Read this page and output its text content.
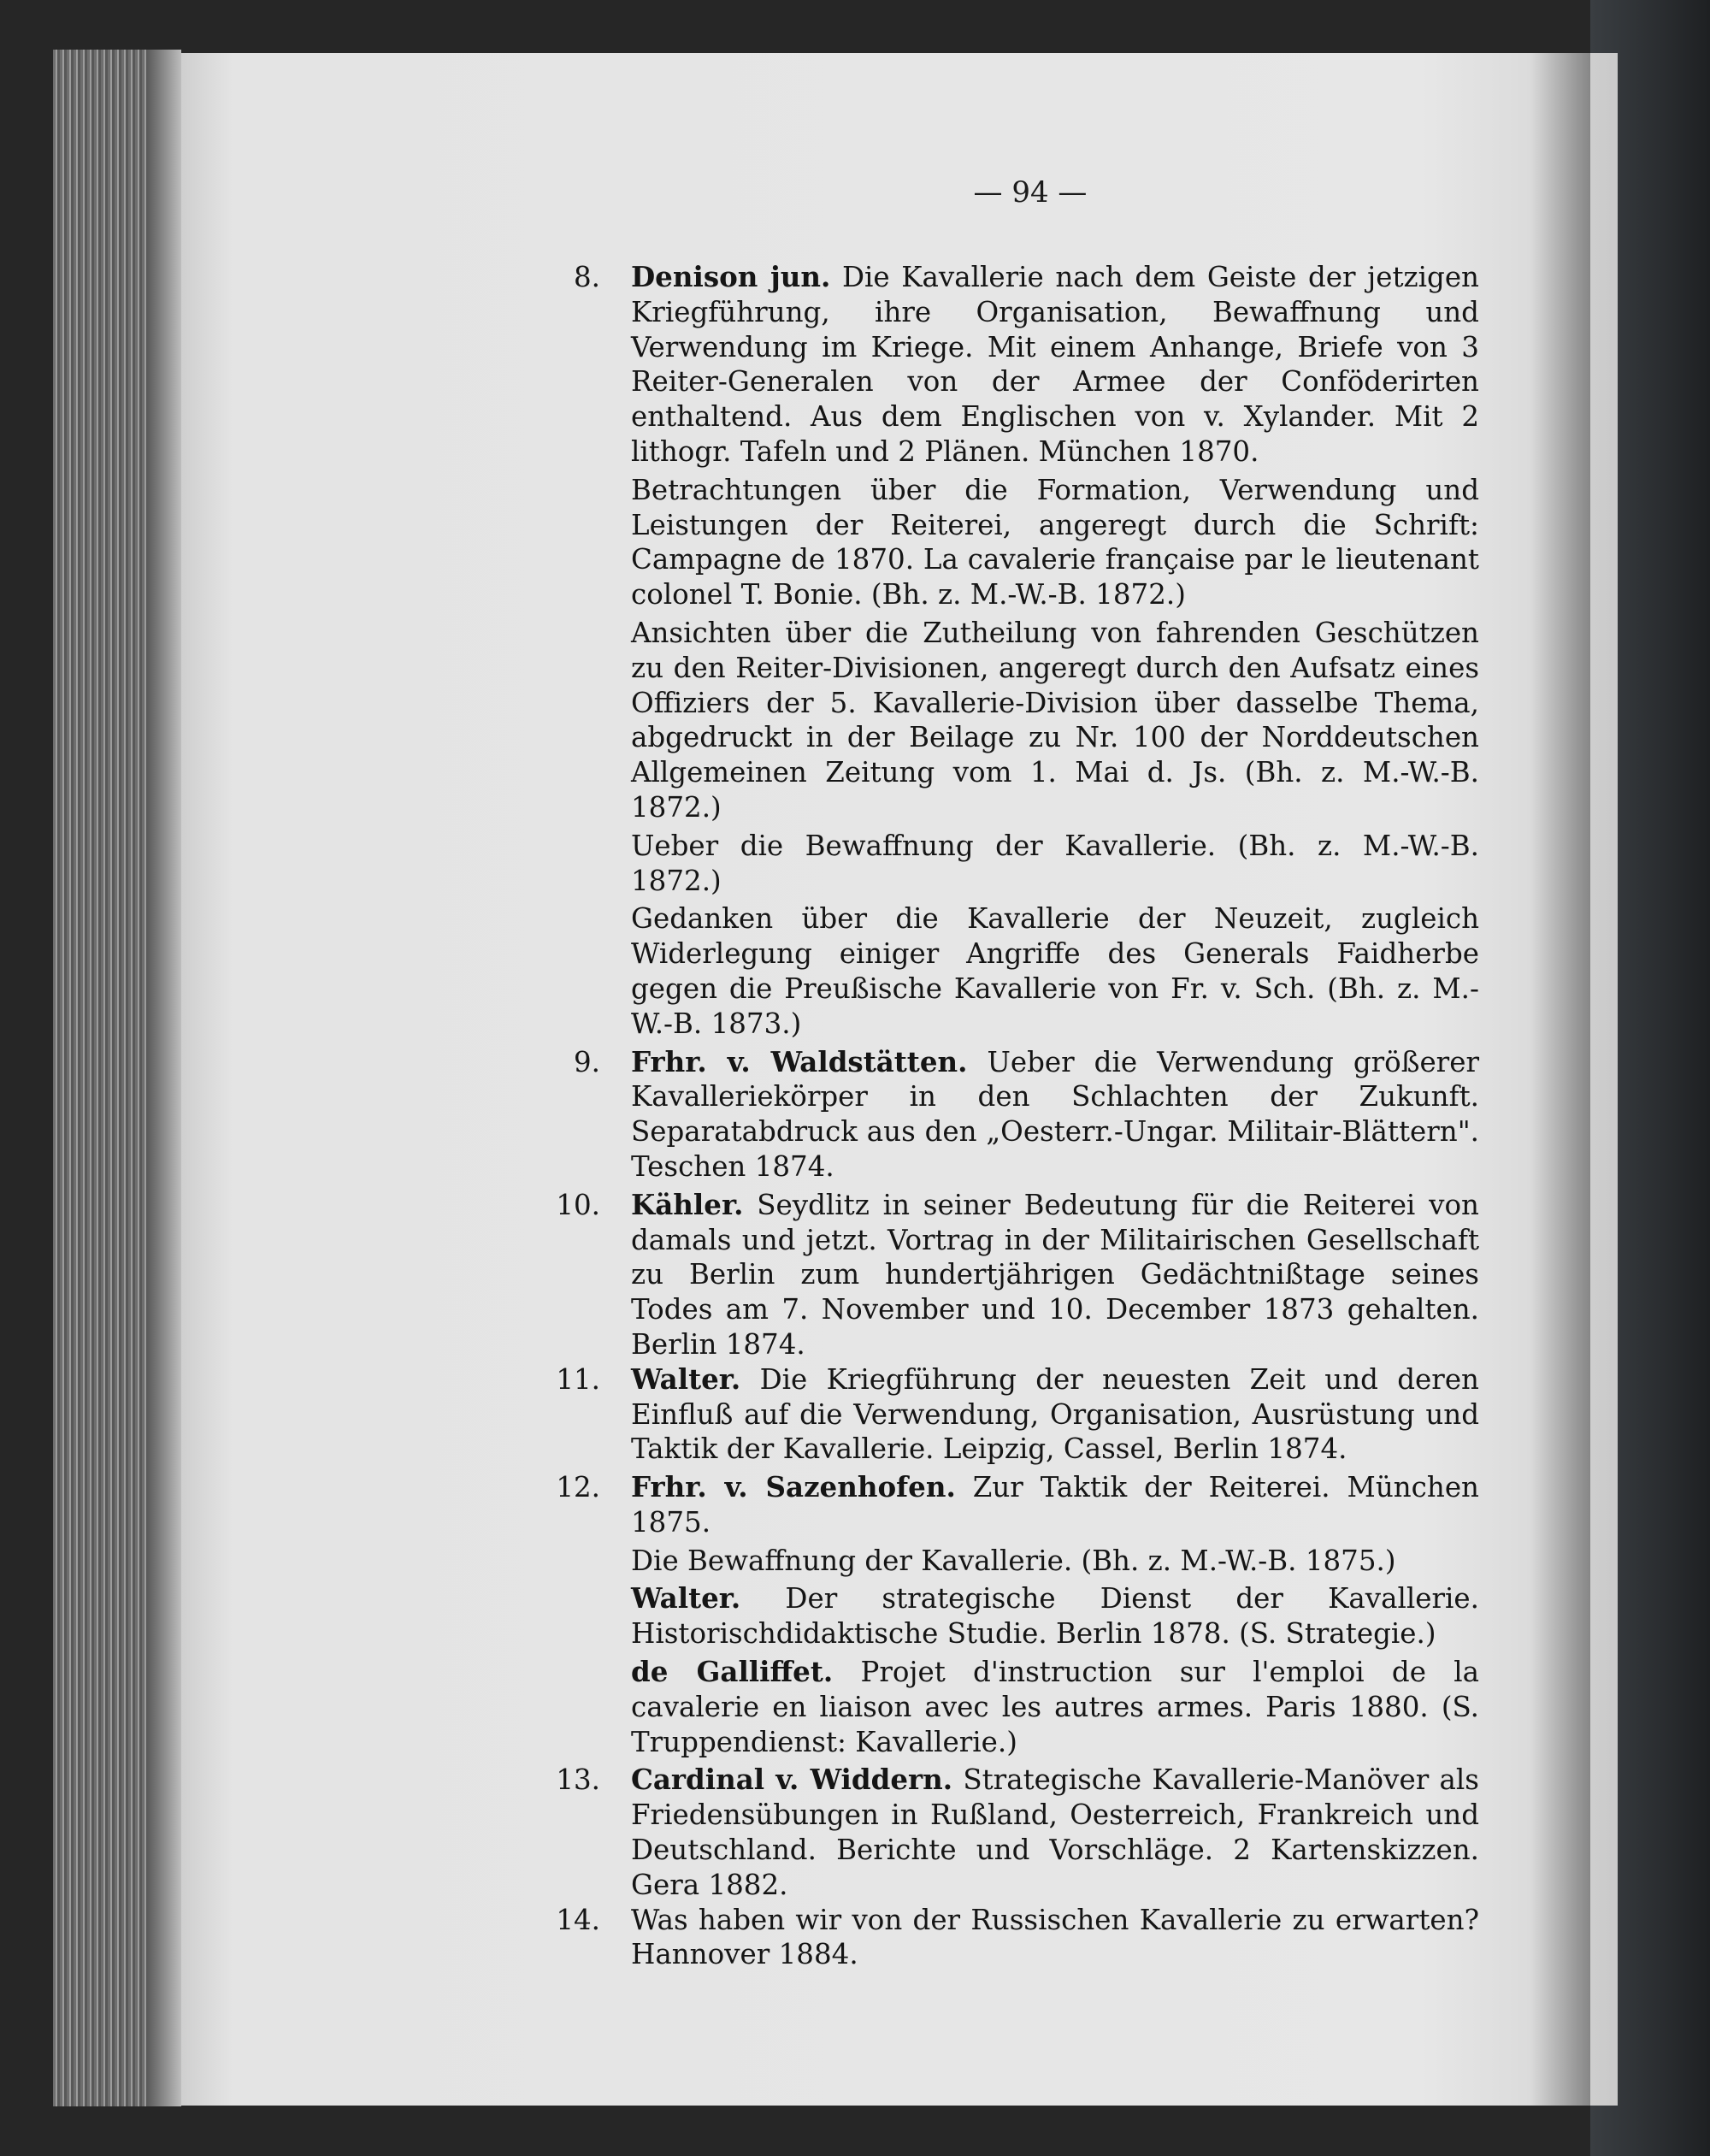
— 94 —
8. Denison jun. Die Kavallerie nach dem Geiste der jetzigen Kriegführung, ihre Organisation, Bewaffnung und Verwendung im Kriege. Mit einem Anhange, Briefe von 3 Reiter-Generalen von der Armee der Conföderirten enthaltend. Aus dem Englischen von v. Xylander. Mit 2 lithogr. Tafeln und 2 Plänen. München 1870.
Betrachtungen über die Formation, Verwendung und Leistungen der Reiterei, angeregt durch die Schrift: Campagne de 1870. La cavalerie française par le lieutenant colonel T. Bonie. (Bh. z. M.-W.-B. 1872.)
Ansichten über die Zutheilung von fahrenden Geschützen zu den Reiter-Divisionen, angeregt durch den Aufsatz eines Offiziers der 5. Kavallerie-Division über dasselbe Thema, abgedruckt in der Beilage zu Nr. 100 der Norddeutschen Allgemeinen Zeitung vom 1. Mai d. Js. (Bh. z. M.-W.-B. 1872.)
Ueber die Bewaffnung der Kavallerie. (Bh. z. M.-W.-B. 1872.)
Gedanken über die Kavallerie der Neuzeit, zugleich Widerlegung einiger Angriffe des Generals Faidherbe gegen die Preußische Kavallerie von Fr. v. Sch. (Bh. z. M.-W.-B. 1873.)
9. Frhr. v. Waldstätten. Ueber die Verwendung größerer Kavalleriekörper in den Schlachten der Zukunft. Separatabdruck aus den „Oesterr.-Ungar. Militair-Blättern". Teschen 1874.
10. Kähler. Seydlitz in seiner Bedeutung für die Reiterei von damals und jetzt. Vortrag in der Militairischen Gesellschaft zu Berlin zum hundertjährigen Gedächtnißtage seines Todes am 7. November und 10. December 1873 gehalten. Berlin 1874.
11. Walter. Die Kriegführung der neuesten Zeit und deren Einfluß auf die Verwendung, Organisation, Ausrüstung und Taktik der Kavallerie. Leipzig, Cassel, Berlin 1874.
12. Frhr. v. Sazenhofen. Zur Taktik der Reiterei. München 1875.
Die Bewaffnung der Kavallerie. (Bh. z. M.-W.-B. 1875.)
Walter. Der strategische Dienst der Kavallerie. Historischdidaktische Studie. Berlin 1878. (S. Strategie.)
de Galliffet. Projet d'instruction sur l'emploi de la cavalerie en liaison avec les autres armes. Paris 1880. (S. Truppendienst: Kavallerie.)
13. Cardinal v. Widdern. Strategische Kavallerie-Manöver als Friedensübungen in Rußland, Oesterreich, Frankreich und Deutschland. Berichte und Vorschläge. 2 Kartenskizzen. Gera 1882.
14. Was haben wir von der Russischen Kavallerie zu erwarten? Hannover 1884.
